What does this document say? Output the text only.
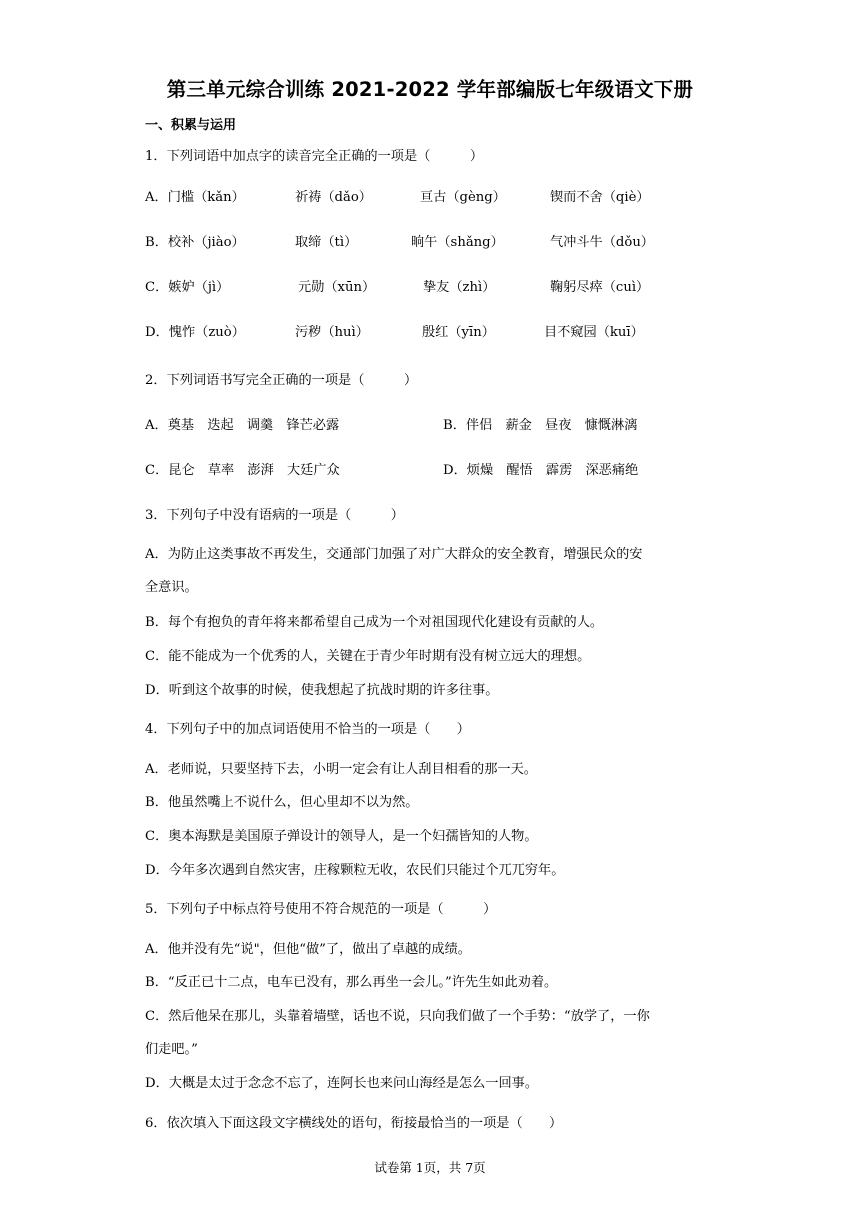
第三单元综合训练 2021-2022 学年部编版七年级语文下册
一、积累与运用
1．下列词语中加点字的读音完全正确的一项是（　　　）
A．门槛（kǎn）	祈祷（dǎo）	亘古（gèng）	锲而不舍（qiè）
B．校补（jiào）	取缔（tì）	晌午（shǎng）	气冲斗牛（dǒu）
C．嫉妒（jì）	元勋（xūn）	挚友（zhì）	鞠躬尽瘁（cuì）
D．愧怍（zuò）	污秽（huì）	殷红（yīn）	目不窥园（kuī）
2．下列词语书写完全正确的一项是（　　　）
A．奠基　迭起　调羹　锋芒必露	B．伴侣　薪金　昼夜　慷慨淋漓
C．昆仑　草率　澎湃　大廷广众	D．烦燥　醒悟　霹雳　深恶痛绝
3．下列句子中没有语病的一项是（　　　）
A．为防止这类事故不再发生，交通部门加强了对广大群众的安全教育，增强民众的安
全意识。
B．每个有抱负的青年将来都希望自己成为一个对祖国现代化建设有贡献的人。
C．能不能成为一个优秀的人，关键在于青少年时期有没有树立远大的理想。
D．听到这个故事的时候，使我想起了抗战时期的许多往事。
4．下列句子中的加点词语使用不恰当的一项是（　　）
A．老师说，只要坚持下去，小明一定会有让人刮目相看的那一天。
B．他虽然嘴上不说什么，但心里却不以为然。
C．奥本海默是美国原子弹设计的领导人，是一个妇孺皆知的人物。
D．今年多次遇到自然灾害，庄稼颗粒无收，农民们只能过个兀兀穷年。
5．下列句子中标点符号使用不符合规范的一项是（　　　）
A．他并没有先“说"，但他“做”了，做出了卓越的成绩。
B．“反正已十二点，电车已没有，那么再坐一会儿。”许先生如此劝着。
C．然后他呆在那儿，头靠着墙壁，话也不说，只向我们做了一个手势：“放学了，一你
们走吧。”
D．大概是太过于念念不忘了，连阿长也来问山海经是怎么一回事。
6．依次填入下面这段文字横线处的语句，衔接最恰当的一项是（　　）
试卷第 1页，共 7页
